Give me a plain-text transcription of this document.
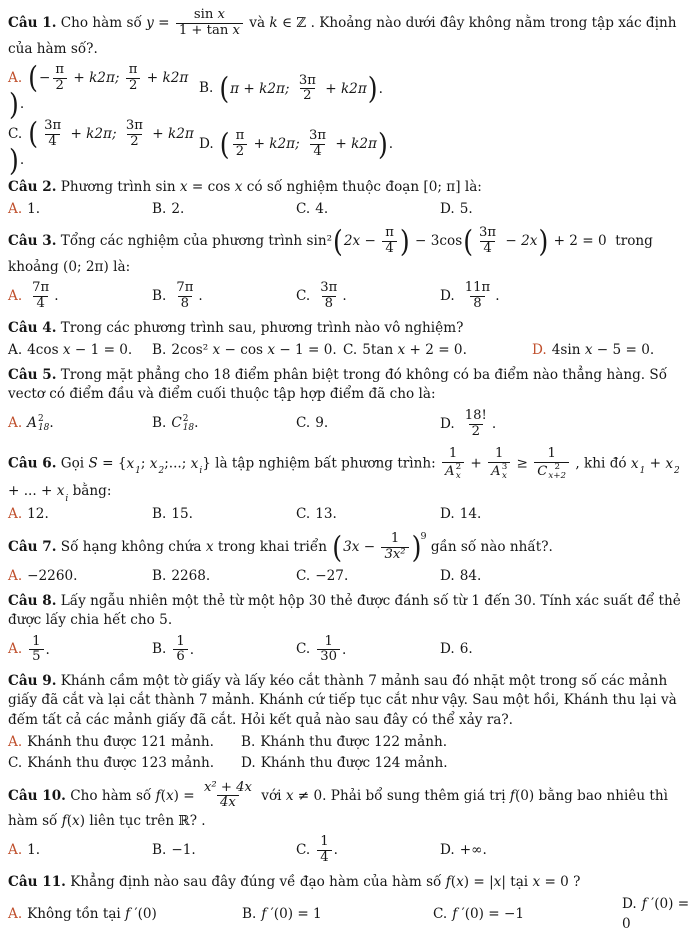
Câu 1. Cho hàm số $y = \frac{\text{sin x}}{\text{1 + tan x}}$ và k ∈ ℤ . Khoảng nào dưới đây không nằm trong tập xác định của hàm số?.
A. (− $\frac{\pi}{2} + k2\pi$; $\frac{\pi}{2} + k2\pi$).
B. (π + k2π; $\frac{3\pi}{2} + k2\pi$).
C. ( $\frac{3\pi}{4} + k2\pi$; $\frac{3\pi}{2} + k2\pi$).
D. ( $\frac{\pi}{2} + k2\pi$; $\frac{3\pi}{4} + k2\pi$).
Câu 2. Phương trình sin x = cos x có số nghiệm thuộc đoạn [0; π] là:
A. 1.	B. 2.	C. 4.	D. 5.
Câu 3. Tổng các nghiệm của phương trình $\sin^2(2x - \frac{\pi}{4}$ ) − $3\cos( \frac{3\pi}{4} - 2x) + 2 = 0$  trong khoảng (0; 2π) là:
A. $\frac{7\pi}{4}$ .	B. $\frac{7\pi}{8}$ .	C. $\frac{3\pi}{8}$ .	D. $\frac{11\pi}{8}$ .
Câu 4. Trong các phương trình sau, phương trình nào vô nghiệm?
A. 4cos x − 1 = 0.	B. 2cos² x − cos x − 1 = 0. C. 5tan x + 2 = 0.	D. 4sin x − 5 = 0.
Câu 5. Trong mặt phẳng cho 18 điểm phân biệt trong đó không có ba điểm nào thẳng hàng. Số vectơ có điểm đầu và điểm cuối thuộc tập hợp điểm đã cho là:
A. A 2
18 .	B. C 2
18 .	C. 9.	D. $\frac{18!}{2}$ .
Câu 6. Gọi S = { x 1 ; x 2 ;...; x i } là tập nghiệm bất phương trình: 1
A 2
x + 1
A 3
x ≥ 1
C 2
x+2 , khi đó x 1 + x 2 + ... + x i bằng:
A. 12.	B. 15.	C. 13.	D. 14.
Câu 7. Số hạng không chứa x trong khai triển $(3x - \frac{1}{\text{3x²}} )^9$ gần số nào nhất?.
A. −2260.	B. 2268.	C. −27.	D. 84.
Câu 8. Lấy ngẫu nhiên một thẻ từ một hộp 30 thẻ được đánh số từ 1 đến 30. Tính xác suất để thẻ được lấy chia hết cho 5.
A. $\frac{1}{5}$ .	B. $\frac{1}{6}$ .	C. $\frac{1}{30}$ .	D. 6.
Câu 9. Khánh cầm một tờ giấy và lấy kéo cắt thành 7 mảnh sau đó nhặt một trong số các mảnh giấy đã cắt và lại cắt thành 7 mảnh. Khánh cứ tiếp tục cắt như vậy. Sau một hồi, Khánh thu lại và đếm tất cả các mảnh giấy đã cắt. Hỏi kết quả nào sau đây có thể xảy ra?.
A. Khánh thu được 121 mảnh.	B. Khánh thu được 122 mảnh.
C. Khánh thu được 123 mảnh.	D. Khánh thu được 124 mảnh.
Câu 10. Cho hàm số $f(x) = \frac{\text{x² + 4x}}{4x}$ với x ≠ 0. Phải bổ sung thêm giá trị f(0) bằng bao nhiêu thì hàm số f(x) liên tục trên ℝ? .
A. 1.	B. −1.	C. $\frac{1}{4}$ .	D. +∞.
Câu 11. Khẳng định nào sau đây đúng về đạo hàm của hàm số f(x) = |x| tại x = 0 ?
A. Không tồn tại f ′(0)	B. f ′(0) = 1	C. f ′(0) = −1
D. f ′(0) = 0
